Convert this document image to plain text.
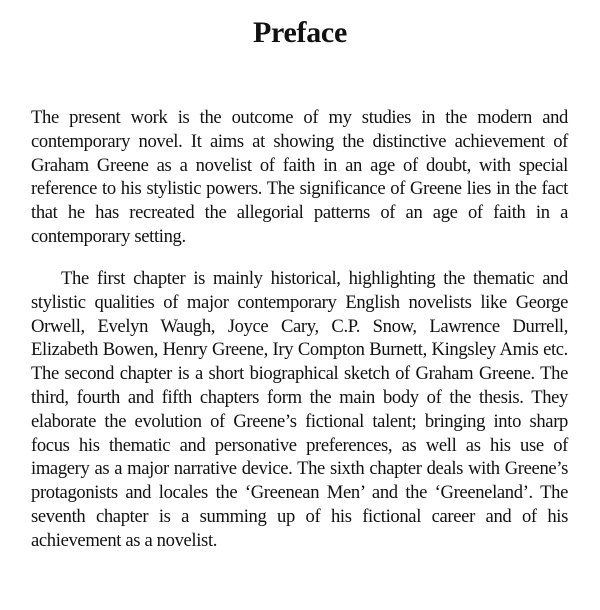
Preface

The present work is the outcome of my studies in the modern and contemporary novel. It aims at showing the distinctive achievement of Graham Greene as a novelist of faith in an age of doubt, with special reference to his stylistic powers. The significance of Greene lies in the fact that he has recreated the allegorial patterns of an age of faith in a contemporary setting.

The first chapter is mainly historical, highlighting the thematic and stylistic qualities of major contemporary English novelists like George Orwell, Evelyn Waugh, Joyce Cary, C.P. Snow, Lawrence Durrell, Elizabeth Bowen, Henry Greene, Iry Compton Burnett, Kingsley Amis etc. The second chapter is a short biographical sketch of Graham Greene. The third, fourth and fifth chapters form the main body of the thesis. They elaborate the evolution of Greene’s fictional talent; bringing into sharp focus his thematic and personative preferences, as well as his use of imagery as a major narrative device. The sixth chapter deals with Greene’s protagonists and locales the ‘Greenean Men’ and the ‘Greeneland’. The seventh chapter is a summing up of his fictional career and of his achievement as a novelist.
